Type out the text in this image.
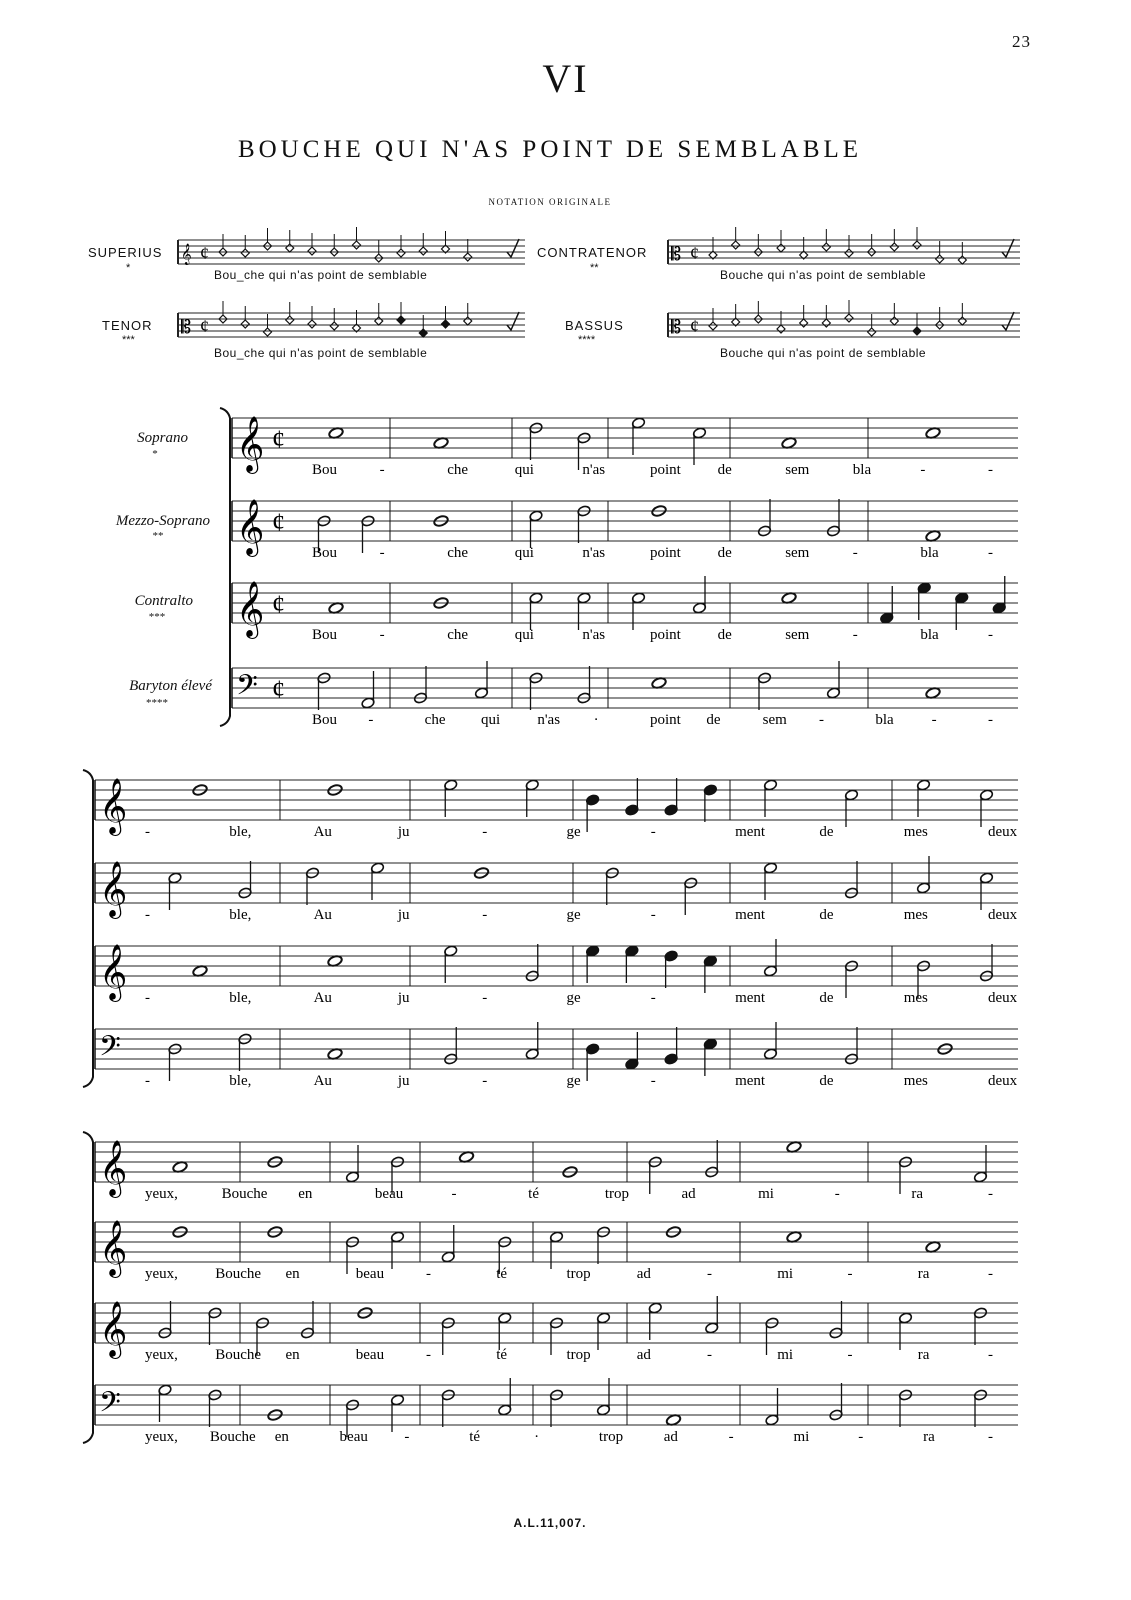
23
VI
BOUCHE QUI N'AS POINT DE SEMBLABLE
NOTATION ORIGINALE
SUPERIUS
*	Bou_che qui n'as point de semblable
CONTRATENOR
**	Bouche qui n'as point de semblable
TENOR
***
Bou_che qui n'as point de semblable
BASSUS
****
Bouche qui n'as point de semblable
Soprano
*
Mezzo-Soprano
**
Contralto
***
Baryton élevé
****
A.L.11,007.
𝄞 ¢	𝄡 ¢
𝄡 ¢	𝄡 ¢
𝄞 ¢
𝄞 ¢
𝄞 ¢
𝄢 ¢
Bou	-	che	qui	n'as	point de	sem	bla	-	-
Bou	-	che	qui	n'as	point de	sem	-	bla	-
Bou	-	che	qui	n'as	point de	sem	-	bla	-
Bou -	che qui n'as ·	point de	sem -	bla	-	-
𝄞
𝄞
𝄞
𝄢
-	ble,	Au	ju	-	ge	-	ment	de	mes	deux
-	ble,	Au	ju	-	ge	-	ment	de	mes	deux
-	ble,	Au	ju	-	ge	-	ment	de	mes	deux
-	ble,	Au	ju	-	ge	-	ment	de	mes	deux
𝄞
𝄞
𝄞
𝄢
yeux,	Bouche en	beau	-	té	trop	ad	mi	-	ra	-
yeux, Bouche en	beau	-	té	trop	ad	-	mi	-	ra	-
yeux, Bouche en	beau	-	té	trop	ad	-	mi	-	ra	-
yeux, Bouche en	beau -	té	·	trop	ad	-	mi	-	ra	-
